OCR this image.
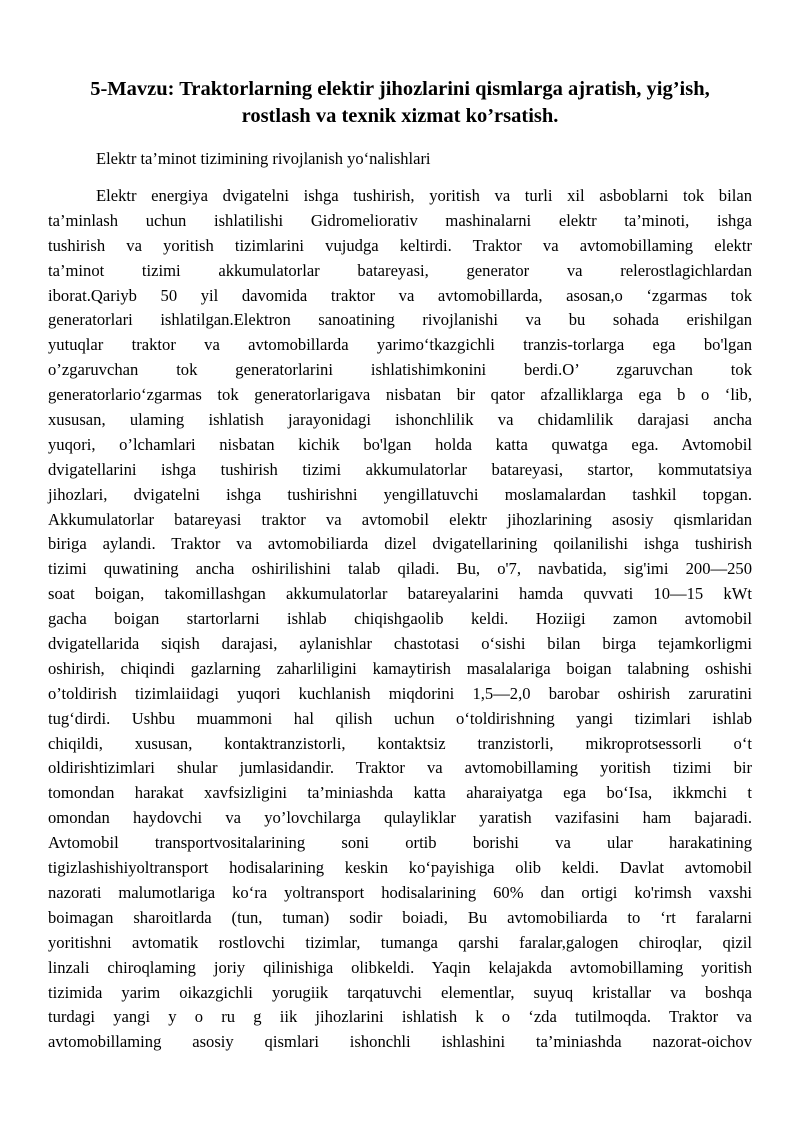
5-Mavzu: Traktorlarning elektir jihozlarini qismlarga ajratish, yig’ish,
rostlash va texnik xizmat ko’rsatish.
Elektr ta’minot tizimining rivojlanish yo‘nalishlari
Elektr energiya dvigatelni ishga tushirish, yoritish va turli xil asboblarni tok bilan
ta’minlash uchun ishlatilishi Gidromeliorativ mashinalarni elektr ta’minoti, ishga
tushirish va yoritish tizimlarini vujudga keltirdi. Traktor va avtomobillaming elektr
ta’minot tizimi akkumulatorlar batareyasi, generator va relerostlagichlardan
iborat.Qariyb 50 yil davomida traktor va avtomobillarda, asosan,o ‘zgarmas tok
generatorlari ishlatilgan.Elektron sanoatining rivojlanishi va bu sohada erishilgan
yutuqlar traktor va avtomobillarda yarimo‘tkazgichli tranzis-torlarga ega bo'lgan
o’zgaruvchan tok generatorlarini ishlatishimkonini berdi.O’ zgaruvchan tok
generatorlario‘zgarmas tok generatorlarigava nisbatan bir qator afzalliklarga ega b o ‘lib,
xususan, ulaming ishlatish jarayonidagi ishonchlilik va chidamlilik darajasi ancha
yuqori, o’lchamlari nisbatan kichik bo'lgan holda katta quwatga ega. Avtomobil
dvigatellarini ishga tushirish tizimi akkumulatorlar batareyasi, startor, kommutatsiya
jihozlari, dvigatelni ishga tushirishni yengillatuvchi moslamalardan tashkil topgan.
Akkumulatorlar batareyasi traktor va avtomobil elektr jihozlarining asosiy qismlaridan
biriga aylandi. Traktor va avtomobiliarda dizel dvigatellarining qoilanilishi ishga tushirish
tizimi quwatining ancha oshirilishini talab qiladi. Bu, o'7, navbatida, sig'imi 200—250
soat boigan, takomillashgan akkumulatorlar batareyalarini hamda quvvati 10—15 kWt
gacha boigan startorlarni ishlab chiqishgaolib keldi. Hoziigi zamon avtomobil
dvigatellarida siqish darajasi, aylanishlar chastotasi o‘sishi bilan birga tejamkorligmi
oshirish, chiqindi gazlarning zaharliligini kamaytirish masalalariga boigan talabning oshishi
o’toldirish tizimlaiidagi yuqori kuchlanish miqdorini 1,5—2,0 barobar oshirish zaruratini
tug‘dirdi. Ushbu muammoni hal qilish uchun o‘toldirishning yangi tizimlari ishlab
chiqildi, xususan, kontaktranzistorli, kontaktsiz tranzistorli, mikroprotsessorli o‘t
oldirishtizimlari shular jumlasidandir. Traktor va avtomobillaming yoritish tizimi bir
tomondan harakat xavfsizligini ta’miniashda katta aharaiyatga ega bo‘Isa, ikkmchi t
omondan haydovchi va yo’lovchilarga qulayliklar yaratish vazifasini ham bajaradi.
Avtomobil transportvositalarining soni ortib borishi va ular harakatining
tigizlashishiyoltransport hodisalarining keskin ko‘payishiga olib keldi. Davlat avtomobil
nazorati malumotlariga ko‘ra yoltransport hodisalarining 60% dan ortigi ko'rimsh vaxshi
boimagan sharoitlarda (tun, tuman) sodir boiadi, Bu avtomobiliarda to ‘rt faralarni
yoritishni avtomatik rostlovchi tizimlar, tumanga qarshi faralar,galogen chiroqlar, qizil
linzali chiroqlaming joriy qilinishiga olibkeldi. Yaqin kelajakda avtomobillaming yoritish
tizimida yarim oikazgichli yorugiik tarqatuvchi elementlar, suyuq kristallar va boshqa
turdagi yangi y o ru g iik jihozlarini ishlatish k o ‘zda tutilmoqda. Traktor va
avtomobillaming asosiy qismlari ishonchli ishlashini ta’miniashda nazorat-oichov
